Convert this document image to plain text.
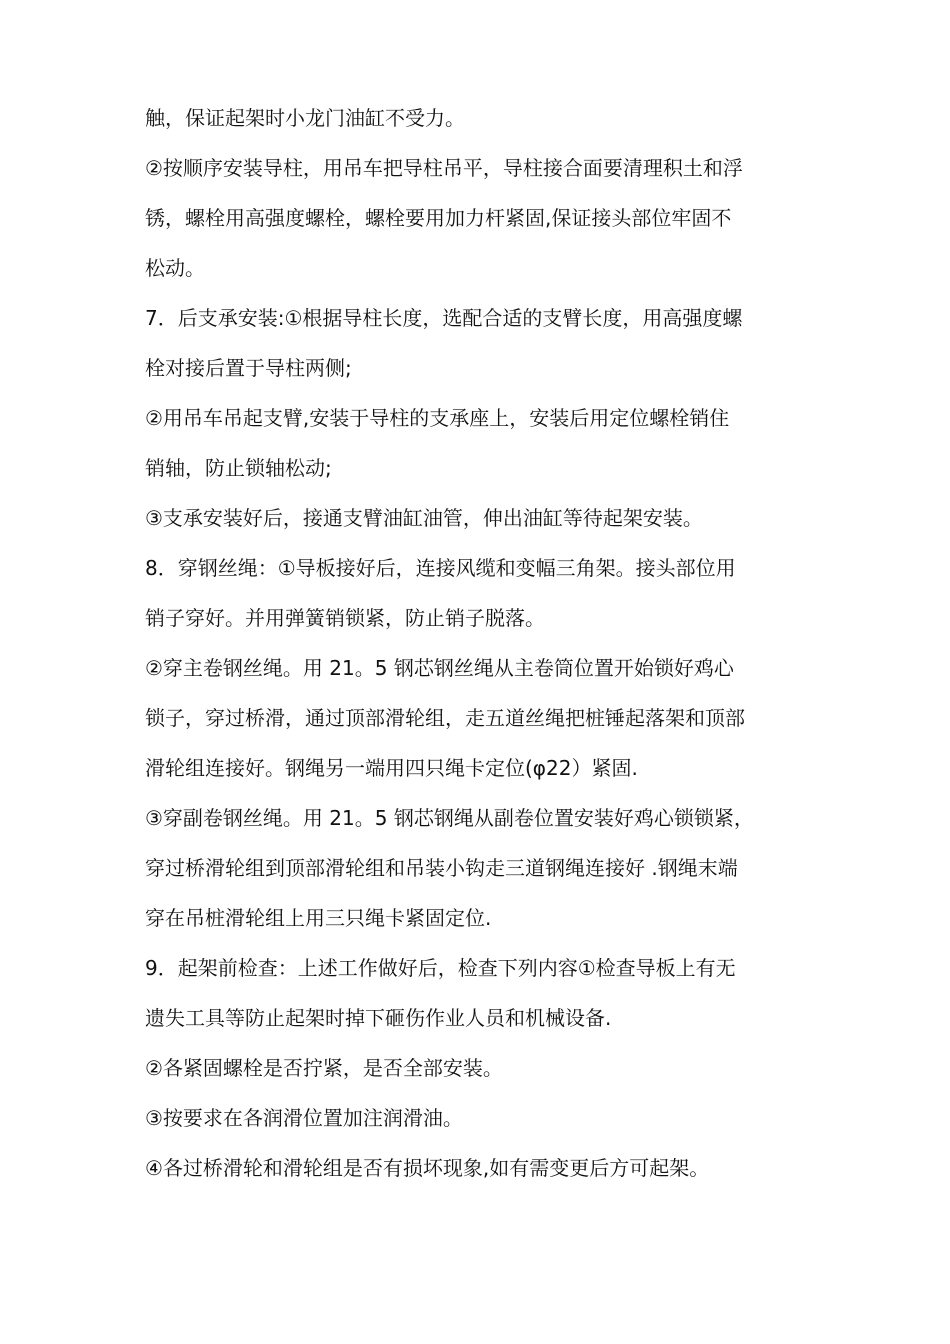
触，保证起架时小龙门油缸不受力。
②按顺序安装导柱，用吊车把导柱吊平，导柱接合面要清理积土和浮
锈，螺栓用高强度螺栓，螺栓要用加力杆紧固,保证接头部位牢固不
松动。
7．后支承安装:①根据导柱长度，选配合适的支臂长度，用高强度螺
栓对接后置于导柱两侧;
②用吊车吊起支臂,安装于导柱的支承座上，安装后用定位螺栓销住
销轴，防止锁轴松动;
③支承安装好后，接通支臂油缸油管，伸出油缸等待起架安装。
8．穿钢丝绳：①导板接好后，连接风缆和变幅三角架。接头部位用
销子穿好。并用弹簧销锁紧，防止销子脱落。
②穿主卷钢丝绳。用 21。5 钢芯钢丝绳从主卷筒位置开始锁好鸡心
锁子，穿过桥滑，通过顶部滑轮组，走五道丝绳把桩锤起落架和顶部
滑轮组连接好。钢绳另一端用四只绳卡定位(φ22）紧固.
③穿副卷钢丝绳。用 21。5 钢芯钢绳从副卷位置安装好鸡心锁锁紧，
穿过桥滑轮组到顶部滑轮组和吊装小钩走三道钢绳连接好 .钢绳末端
穿在吊桩滑轮组上用三只绳卡紧固定位.
9．起架前检查：上述工作做好后，检查下列内容①检查导板上有无
遗失工具等防止起架时掉下砸伤作业人员和机械设备.
②各紧固螺栓是否拧紧，是否全部安装。
③按要求在各润滑位置加注润滑油。
④各过桥滑轮和滑轮组是否有损坏现象,如有需变更后方可起架。
